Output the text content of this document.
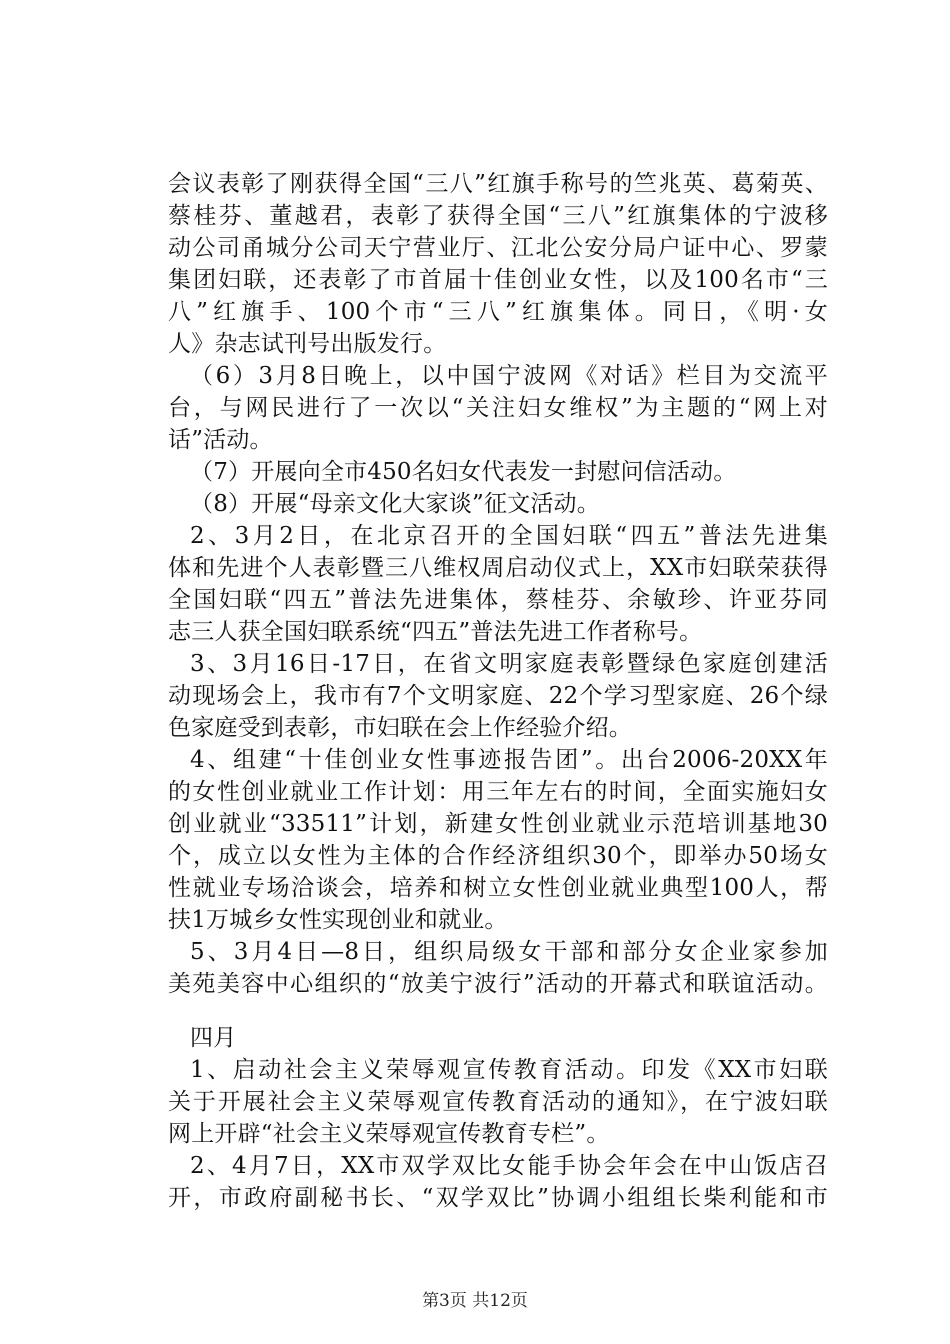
会议表彰了刚获得全国“三八”红旗手称号的竺兆英、葛菊英、
蔡桂芬、董越君，表彰了获得全国“三八”红旗集体的宁波移
动公司甬城分公司天宁营业厅、江北公安分局户证中心、罗蒙
集团妇联，还表彰了市首届十佳创业女性，以及100名市“三
八”红旗手、100个市“三八”红旗集体。同日，《明·女
人》杂志试刊号出版发行。
（6）3月8日晚上，以中国宁波网《对话》栏目为交流平
台，与网民进行了一次以“关注妇女维权”为主题的“网上对
话”活动。
（7）开展向全市450名妇女代表发一封慰问信活动。
（8）开展“母亲文化大家谈”征文活动。
2、3月2日，在北京召开的全国妇联“四五”普法先进集
体和先进个人表彰暨三八维权周启动仪式上，XX市妇联荣获得
全国妇联“四五”普法先进集体，蔡桂芬、余敏珍、许亚芬同
志三人获全国妇联系统“四五”普法先进工作者称号。
3、3月16日-17日，在省文明家庭表彰暨绿色家庭创建活
动现场会上，我市有7个文明家庭、22个学习型家庭、26个绿
色家庭受到表彰，市妇联在会上作经验介绍。
4、组建“十佳创业女性事迹报告团”。出台2006-20XX年
的女性创业就业工作计划：用三年左右的时间，全面实施妇女
创业就业“33511”计划，新建女性创业就业示范培训基地30
个，成立以女性为主体的合作经济组织30个，即举办50场女
性就业专场洽谈会，培养和树立女性创业就业典型100人，帮
扶1万城乡女性实现创业和就业。
5、3月4日—8日，组织局级女干部和部分女企业家参加
美苑美容中心组织的“放美宁波行”活动的开幕式和联谊活动。
四月
1、启动社会主义荣辱观宣传教育活动。印发《XX市妇联
关于开展社会主义荣辱观宣传教育活动的通知》，在宁波妇联
网上开辟“社会主义荣辱观宣传教育专栏”。
2、4月7日，XX市双学双比女能手协会年会在中山饭店召
开，市政府副秘书长、“双学双比”协调小组组长柴利能和市
第3页 共12页
